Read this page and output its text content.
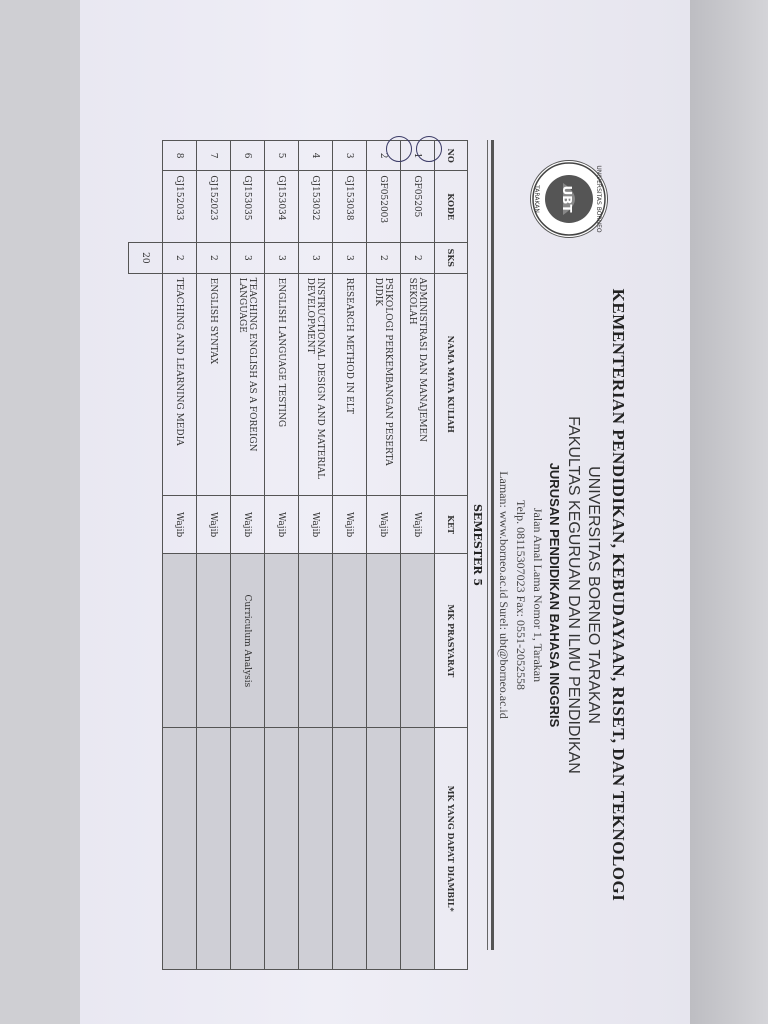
UBT	UNIVERSITAS BORNEO
TARAKAN
KEMENTERIAN PENDIDIKAN, KEBUDAYAAN, RISET, DAN TEKNOLOGI
UNIVERSITAS BORNEO TARAKAN
FAKULTAS KEGURUAN DAN ILMU PENDIDIKAN
JURUSAN PENDIDIKAN BAHASA INGGRIS
Jalan Amal Lama Nomor 1, Tarakan
Telp. 08115307023 Fax: 0551-2052558
Laman: www.borneo.ac.id Surel: ubt@borneo.ac.id
SEMESTER 5
NO	KODE	SKS	NAMA MATA KULIAH	KET	MK PRASYARAT	MK YANG DAPAT DIAMBIL*
1	GF05205	2	ADMINISTRASI DAN MANAJEMEN SEKOLAH	Wajib		
2	GF052003	2	PSIKOLOGI PERKEMBANGAN PESERTA DIDIK	Wajib		
3	GJ153038	3	RESEARCH METHOD IN ELT	Wajib		
4	GJ153032	3	INSTRUCTIONAL DESIGN AND MATERIAL DEVELOPMENT	Wajib		
5	GJ153034	3	ENGLISH LANGUAGE TESTING	Wajib		
6	GJ153035	3	TEACHING ENGLISH AS A FOREIGN LANGUAGE	Wajib	Curriculum Analysis	
7	GJ152023	2	ENGLISH SYNTAX	Wajib		
8	GJ152033	2	TEACHING AND LEARNING MEDIA	Wajib		
		20				
